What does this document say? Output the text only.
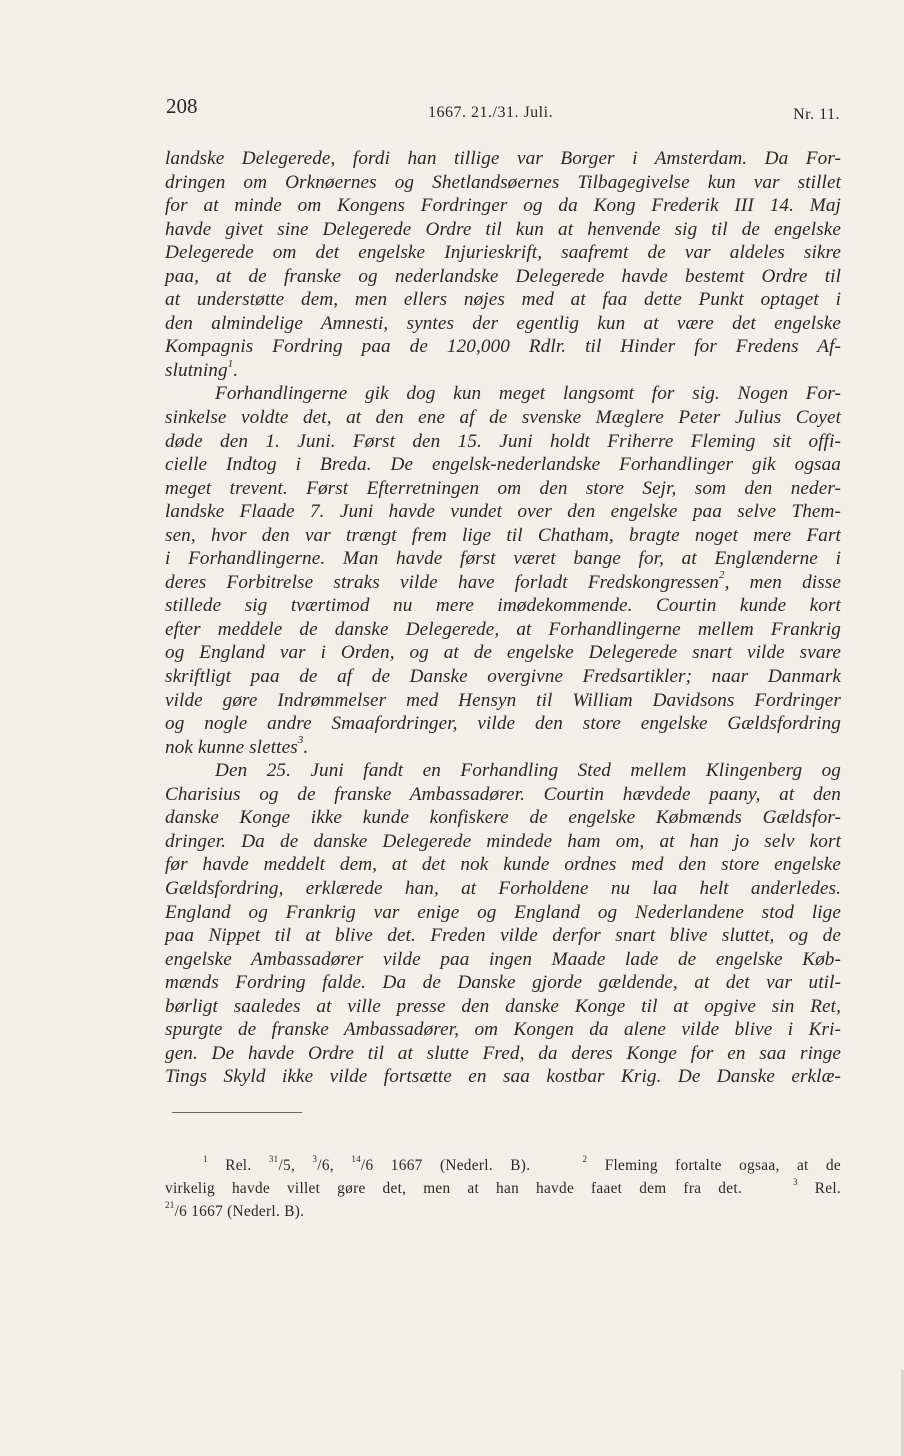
208	1667. 21./31. Juli.	Nr. 11.
landske Delegerede, fordi han tillige var Borger i Amsterdam. Da For-
dringen om Orknøernes og Shetlandsøernes Tilbagegivelse kun var stillet
for at minde om Kongens Fordringer og da Kong Frederik III 14. Maj
havde givet sine Delegerede Ordre til kun at henvende sig til de engelske
Delegerede om det engelske Injurieskrift, saafremt de var aldeles sikre
paa, at de franske og nederlandske Delegerede havde bestemt Ordre til
at understøtte dem, men ellers nøjes med at faa dette Punkt optaget i
den almindelige Amnesti, syntes der egentlig kun at være det engelske
Kompagnis Fordring paa de 120,000 Rdlr. til Hinder for Fredens Af-
slutning$^1$.
Forhandlingerne gik dog kun meget langsomt for sig. Nogen For-
sinkelse voldte det, at den ene af de svenske Mæglere Peter Julius Coyet
døde den 1. Juni. Først den 15. Juni holdt Friherre Fleming sit offi-
cielle Indtog i Breda. De engelsk-nederlandske Forhandlinger gik ogsaa
meget trevent. Først Efterretningen om den store Sejr, som den neder-
landske Flaade 7. Juni havde vundet over den engelske paa selve Them-
sen, hvor den var trængt frem lige til Chatham, bragte noget mere Fart
i Forhandlingerne. Man havde først været bange for, at Englænderne i
deres Forbitrelse straks vilde have forladt Fredskongressen$^2$, men disse
stillede sig tværtimod nu mere imødekommende. Courtin kunde kort
efter meddele de danske Delegerede, at Forhandlingerne mellem Frankrig
og England var i Orden, og at de engelske Delegerede snart vilde svare
skriftligt paa de af de Danske overgivne Fredsartikler; naar Danmark
vilde gøre Indrømmelser med Hensyn til William Davidsons Fordringer
og nogle andre Smaafordringer, vilde den store engelske Gældsfordring
nok kunne slettes$^3$.
Den 25. Juni fandt en Forhandling Sted mellem Klingenberg og
Charisius og de franske Ambassadører. Courtin hævdede paany, at den
danske Konge ikke kunde konfiskere de engelske Købmænds Gældsfor-
dringer. Da de danske Delegerede mindede ham om, at han jo selv kort
før havde meddelt dem, at det nok kunde ordnes med den store engelske
Gældsfordring, erklærede han, at Forholdene nu laa helt anderledes.
England og Frankrig var enige og England og Nederlandene stod lige
paa Nippet til at blive det. Freden vilde derfor snart blive sluttet, og de
engelske Ambassadører vilde paa ingen Maade lade de engelske Køb-
mænds Fordring falde. Da de Danske gjorde gældende, at det var util-
børligt saaledes at ville presse den danske Konge til at opgive sin Ret,
spurgte de franske Ambassadører, om Kongen da alene vilde blive i Kri-
gen. De havde Ordre til at slutte Fred, da deres Konge for en saa ringe
Tings Skyld ikke vilde fortsætte en saa kostbar Krig. De Danske erklæ-
$^1$ Rel. $^{31}$/5, $^3$/6, $^{14}$/6 1667 (Nederl. B).	$^2$ Fleming fortalte ogsaa, at de
virkelig havde villet gøre det, men at han havde faaet dem fra det.	$^3$ Rel.
$^{21}$/6 1667 (Nederl. B).
